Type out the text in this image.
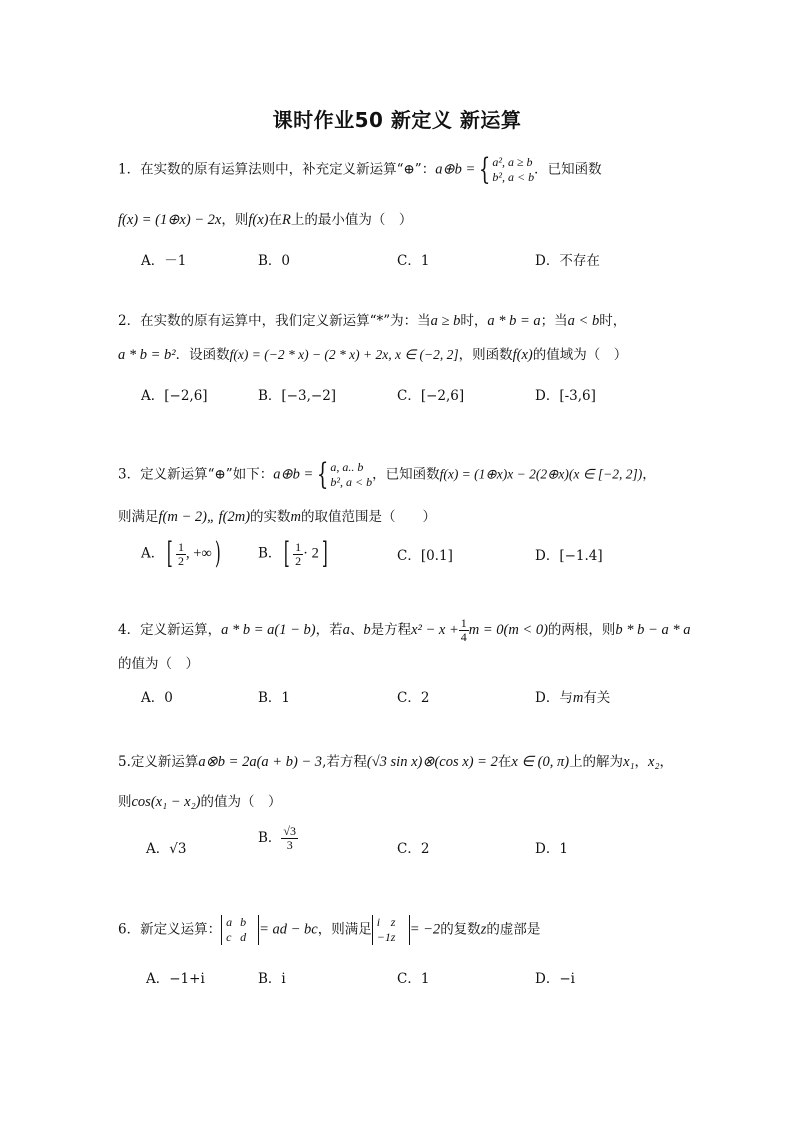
课时作业50 新定义 新运算
1．在实数的原有运算法则中，补充定义新运算“⊕”：a⊕b = { a², a ≥ b
b², a < b．已知函数
f(x) = (1⊕x) − 2x，则f(x)在R上的最小值为（　）
A．－1	B．0	C．1	D．不存在
2．在实数的原有运算中，我们定义新运算“*”为：当a ≥ b时，a * b = a；当a < b时，
a * b = b²．设函数f(x) = (−2 * x) − (2 * x) + 2x, x ∈ (−2, 2]，则函数f(x)的值域为（　）
A．[−2,6]	B．[−3,−2]	C．[−2,6]	D．[-3,6]
3．定义新运算“⊕”如下：a⊕b = { a, a.. b
b², a < b，已知函数f(x) = (1⊕x)x − 2(2⊕x)(x ∈ [−2, 2])，
则满足f(m − 2)„ f(2m)的实数m的取值范围是（　　）
A．[ $\frac{1}{2}$ , +∞)	B．[ $\frac{1}{2} \cdot 2$]	C．[0.1]	D．[−1.4]
4．定义新运算，a * b = a(1 − b)，若a、b是方程$x^2 - x + \frac{1}{4}$ m = 0(m < 0)的两根，则b * b − a * a
的值为（　）
A．0	B．1	C．2	D．与m有关
5.定义新运算a⊗b = 2a(a + b) − 3,若方程(√3 sin x)⊗(cos x) = 2在x ∈ (0, π)上的解为x₁，x₂，
则cos(x₁ − x₂)的值为（　）
A．√3
B． $\frac{√3}{3}$	C．2	D．1
6．新定义运算： a b
c d = ad − bc，则满足 i z
−1z = −2的复数z的虚部是
A．−1+i	B．i	C．1	D．−i
